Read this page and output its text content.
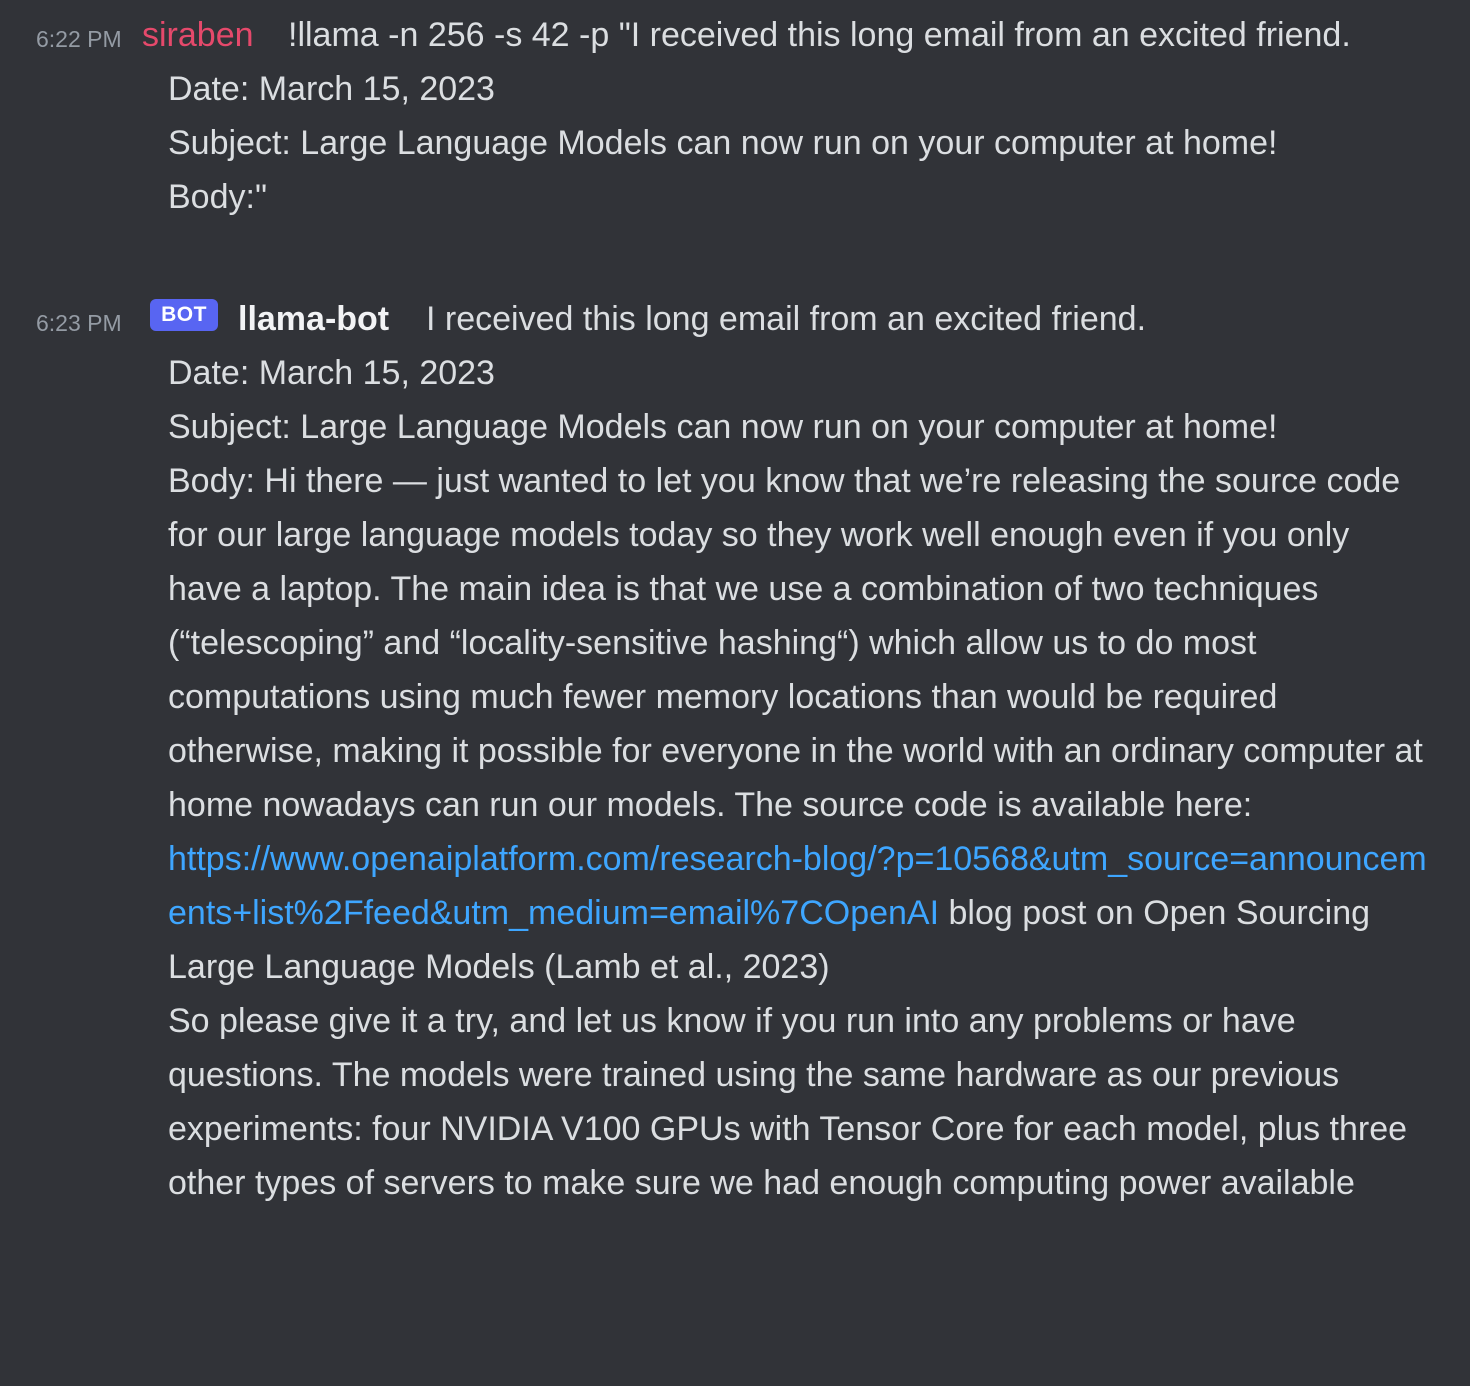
6:22 PM siraben	!llama -n 256 -s 42 -p "I received this long email from an excited friend.

Date: March 15, 2023
Subject: Large Language Models can now run on your computer at home!
Body:"
6:23 PM	BOT llama-bot	I received this long email from an excited friend.

Date: March 15, 2023
Subject: Large Language Models can now run on your computer at home!
Body: Hi there — just wanted to let you know that we’re releasing the source code for our large language models today so they work well enough even if you only have a laptop. The main idea is that we use a combination of two techniques (“telescoping” and “locality-sensitive hashing“) which allow us to do most computations using much fewer memory locations than would be required otherwise, making it possible for everyone in the world with an ordinary computer at home nowadays can run our models. The source code is available here:
https://www.openaiplatform.com/research-blog/?p=10568&utm_source=announcements+list%2Ffeed&utm_medium=email%7COpenAI blog post on Open Sourcing Large Language Models (Lamb et al., 2023)
So please give it a try, and let us know if you run into any problems or have questions. The models were trained using the same hardware as our previous experiments: four NVIDIA V100 GPUs with Tensor Core for each model, plus three other types of servers to make sure we had enough computing power available
